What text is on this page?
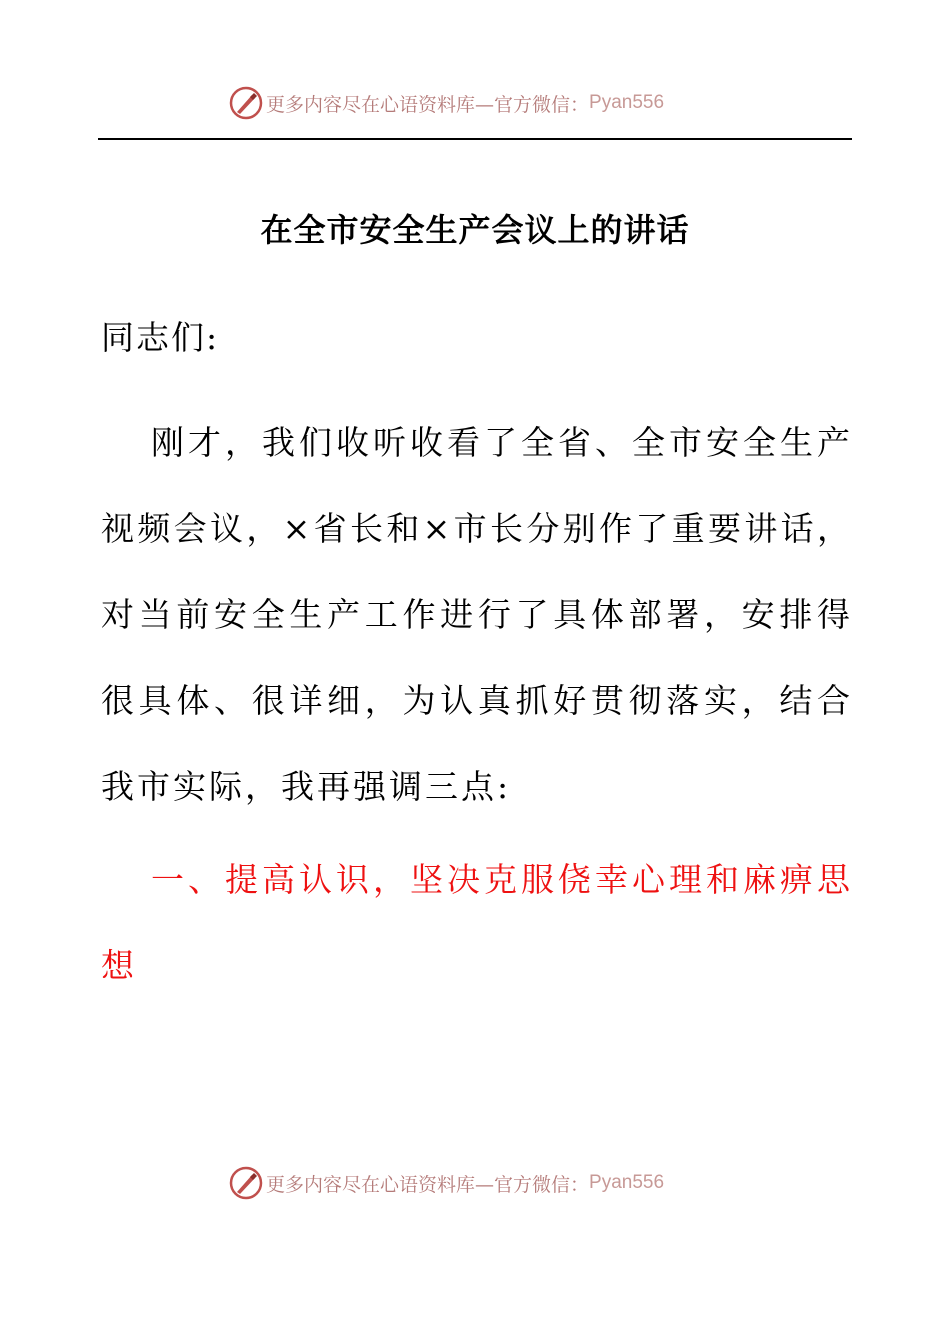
更多内容尽在心语资料库—官方微信： Pyan556
在全市安全生产会议上的讲话
同志们:

刚才，我们收听收看了全省、全市安全生产视频会议，×省长和×市长分别作了重要讲话，对当前安全生产工作进行了具体部署，安排得很具体、很详细，为认真抓好贯彻落实，结合我市实际，我再强调三点:

一、提高认识，坚决克服侥幸心理和麻痹思想

更多内容尽在心语资料库—官方微信： Pyan556
